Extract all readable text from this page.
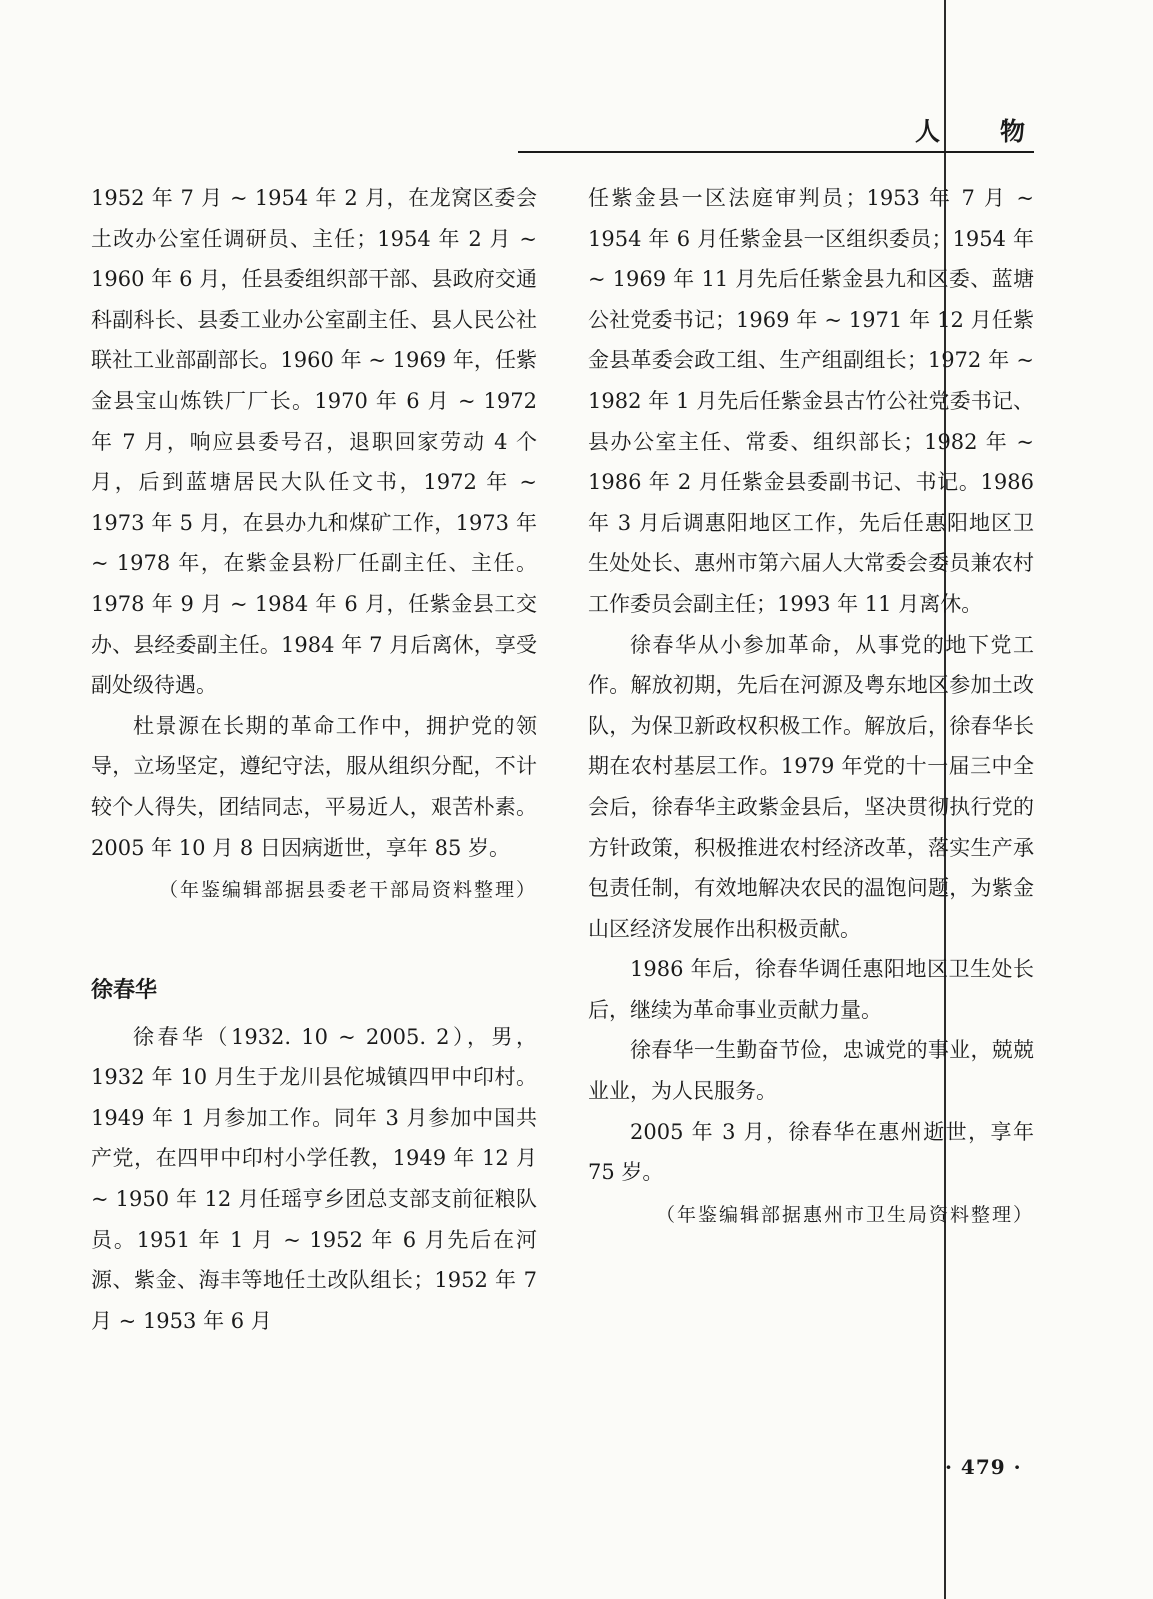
人 物

1952 年 7 月 ~ 1954 年 2 月，在龙窝区委会土改办公室任调研员、主任；1954 年 2 月 ~ 1960 年 6 月，任县委组织部干部、县政府交通科副科长、县委工业办公室副主任、县人民公社联社工业部副部长。1960 年 ~ 1969 年，任紫金县宝山炼铁厂厂长。1970 年 6 月 ~ 1972 年 7 月，响应县委号召，退职回家劳动 4 个月，后到蓝塘居民大队任文书，1972 年 ~ 1973 年 5 月，在县办九和煤矿工作，1973 年 ~ 1978 年，在紫金县粉厂任副主任、主任。1978 年 9 月 ~ 1984 年 6 月，任紫金县工交办、县经委副主任。1984 年 7 月后离休，享受副处级待遇。

杜景源在长期的革命工作中，拥护党的领导，立场坚定，遵纪守法，服从组织分配，不计较个人得失，团结同志，平易近人，艰苦朴素。2005 年 10 月 8 日因病逝世，享年 85 岁。

（年鉴编辑部据县委老干部局资料整理）

徐春华

徐春华（1932. 10 ~ 2005. 2），男，1932 年 10 月生于龙川县佗城镇四甲中印村。1949 年 1 月参加工作。同年 3 月参加中国共产党，在四甲中印村小学任教，1949 年 12 月 ~ 1950 年 12 月任瑶亨乡团总支部支前征粮队员。1951 年 1 月 ~ 1952 年 6 月先后在河源、紫金、海丰等地任土改队组长；1952 年 7 月 ~ 1953 年 6 月

任紫金县一区法庭审判员；1953 年 7 月 ~ 1954 年 6 月任紫金县一区组织委员；1954 年 ~ 1969 年 11 月先后任紫金县九和区委、蓝塘公社党委书记；1969 年 ~ 1971 年 12 月任紫金县革委会政工组、生产组副组长；1972 年 ~ 1982 年 1 月先后任紫金县古竹公社党委书记、县办公室主任、常委、组织部长；1982 年 ~ 1986 年 2 月任紫金县委副书记、书记。1986 年 3 月后调惠阳地区工作，先后任惠阳地区卫生处处长、惠州市第六届人大常委会委员兼农村工作委员会副主任；1993 年 11 月离休。

徐春华从小参加革命，从事党的地下党工作。解放初期，先后在河源及粤东地区参加土改队，为保卫新政权积极工作。解放后，徐春华长期在农村基层工作。1979 年党的十一届三中全会后，徐春华主政紫金县后，坚决贯彻执行党的方针政策，积极推进农村经济改革，落实生产承包责任制，有效地解决农民的温饱问题，为紫金山区经济发展作出积极贡献。

1986 年后，徐春华调任惠阳地区卫生处长后，继续为革命事业贡献力量。

徐春华一生勤奋节俭，忠诚党的事业，兢兢业业，为人民服务。

2005 年 3 月，徐春华在惠州逝世，享年 75 岁。

（年鉴编辑部据惠州市卫生局资料整理）

· 479 ·
